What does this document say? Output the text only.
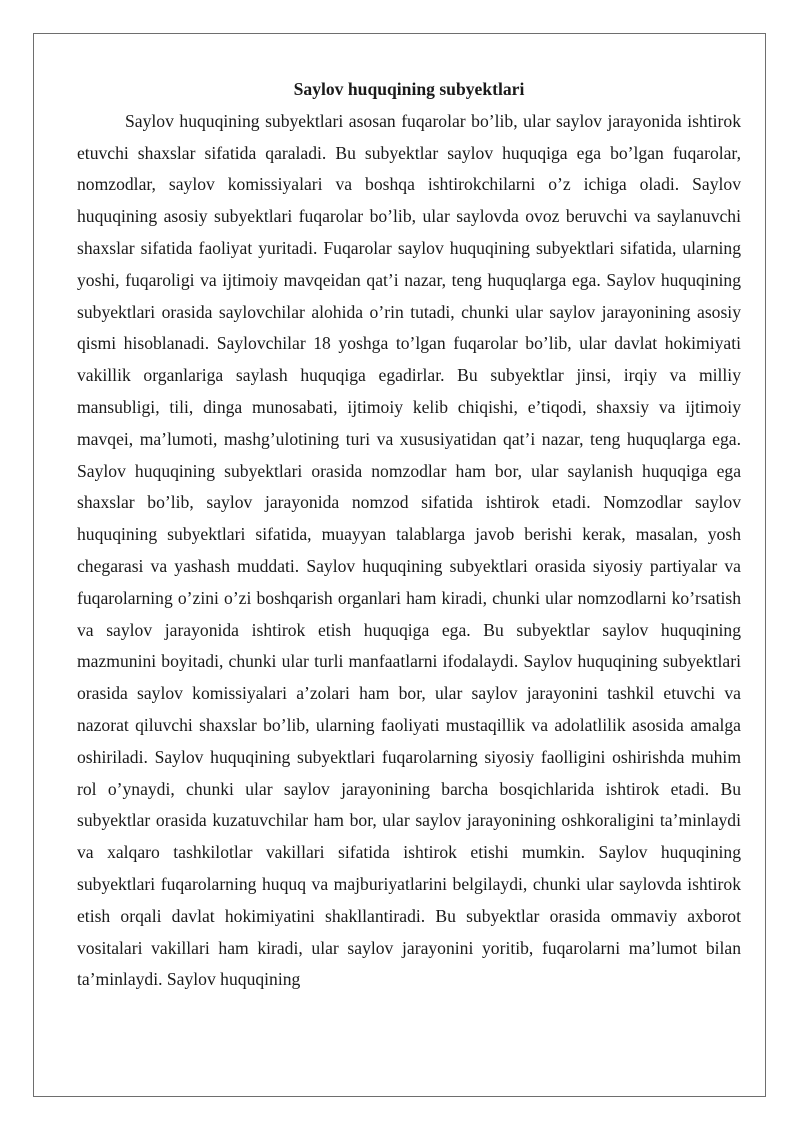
Saylov huquqining subyektlari

Saylov huquqining subyektlari asosan fuqarolar bo’lib, ular saylov jarayonida ishtirok etuvchi shaxslar sifatida qaraladi. Bu subyektlar saylov huquqiga ega bo’lgan fuqarolar, nomzodlar, saylov komissiyalari va boshqa ishtirokchilarni o’z ichiga oladi. Saylov huquqining asosiy subyektlari fuqarolar bo’lib, ular saylovda ovoz beruvchi va saylanuvchi shaxslar sifatida faoliyat yuritadi. Fuqarolar saylov huquqining subyektlari sifatida, ularning yoshi, fuqaroligi va ijtimoiy mavqeidan qat’i nazar, teng huquqlarga ega. Saylov huquqining subyektlari orasida saylovchilar alohida o’rin tutadi, chunki ular saylov jarayonining asosiy qismi hisoblanadi. Saylovchilar 18 yoshga to’lgan fuqarolar bo’lib, ular davlat hokimiyati vakillik organlariga saylash huquqiga egadirlar. Bu subyektlar jinsi, irqiy va milliy mansubligi, tili, dinga munosabati, ijtimoiy kelib chiqishi, e’tiqodi, shaxsiy va ijtimoiy mavqei, ma’lumoti, mashg’ulotining turi va xususiyatidan qat’i nazar, teng huquqlarga ega. Saylov huquqining subyektlari orasida nomzodlar ham bor, ular saylanish huquqiga ega shaxslar bo’lib, saylov jarayonida nomzod sifatida ishtirok etadi. Nomzodlar saylov huquqining subyektlari sifatida, muayyan talablarga javob berishi kerak, masalan, yosh chegarasi va yashash muddati. Saylov huquqining subyektlari orasida siyosiy partiyalar va fuqarolarning o’zini o’zi boshqarish organlari ham kiradi, chunki ular nomzodlarni ko’rsatish va saylov jarayonida ishtirok etish huquqiga ega. Bu subyektlar saylov huquqining mazmunini boyitadi, chunki ular turli manfaatlarni ifodalaydi. Saylov huquqining subyektlari orasida saylov komissiyalari a’zolari ham bor, ular saylov jarayonini tashkil etuvchi va nazorat qiluvchi shaxslar bo’lib, ularning faoliyati mustaqillik va adolatlilik asosida amalga oshiriladi. Saylov huquqining subyektlari fuqarolarning siyosiy faolligini oshirishda muhim rol o’ynaydi, chunki ular saylov jarayonining barcha bosqichlarida ishtirok etadi. Bu subyektlar orasida kuzatuvchilar ham bor, ular saylov jarayonining oshkoraligini ta’minlaydi va xalqaro tashkilotlar vakillari sifatida ishtirok etishi mumkin. Saylov huquqining subyektlari fuqarolarning huquq va majburiyatlarini belgilaydi, chunki ular saylovda ishtirok etish orqali davlat hokimiyatini shakllantiradi. Bu subyektlar orasida ommaviy axborot vositalari vakillari ham kiradi, ular saylov jarayonini yoritib, fuqarolarni ma’lumot bilan ta’minlaydi. Saylov huquqining
